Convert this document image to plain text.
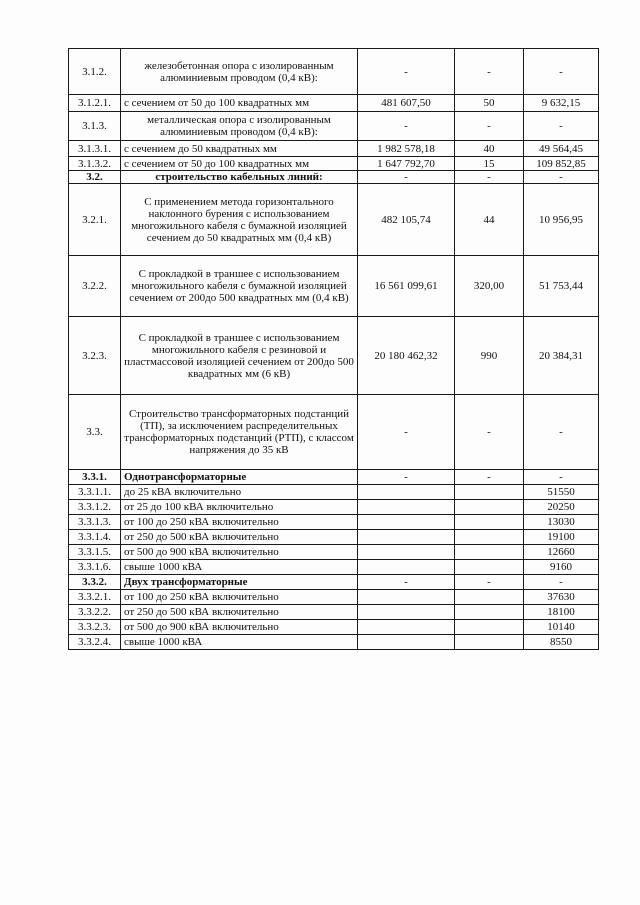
3.1.2.	железобетонная опора с изолированным алюминиевым проводом (0,4 кВ):	-	-	-
3.1.2.1.	с сечением от 50 до 100 квадратных мм	481 607,50	50	9 632,15
3.1.3.	металлическая опора с изолированным алюминиевым проводом (0,4 кВ):	-	-	-
3.1.3.1.	с сечением до 50 квадратных мм	1 982 578,18	40	49 564,45
3.1.3.2.	с сечением от 50 до 100 квадратных мм	1 647 792,70	15	109 852,85
3.2.	строительство кабельных линий:	-	-	-
3.2.1.	С применением метода горизонтального наклонного бурения с использованием многожильного кабеля с бумажной изоляцией сечением до 50 квадратных мм (0,4 кВ)	482 105,74	44	10 956,95
3.2.2.	С прокладкой в траншее с использованием многожильного кабеля с бумажной изоляцией сечением от 200до 500 квадратных мм (0,4 кВ)	16 561 099,61	320,00	51 753,44
3.2.3.	С прокладкой в траншее с использованием многожильного кабеля с резиновой и пластмассовой изоляцией сечением от 200до 500 квадратных мм (6 кВ)	20 180 462,32	990	20 384,31
3.3.	Строительство трансформаторных подстанций (ТП), за исключением распределительных трансформаторных подстанций (РТП), с классом напряжения до 35 кВ	-	-	-
3.3.1.	Однотрансформаторные	-	-	-
3.3.1.1.	до 25 кВА включительно			51550
3.3.1.2.	от 25 до 100 кВА включительно			20250
3.3.1.3.	от 100 до 250 кВА включительно			13030
3.3.1.4.	от 250 до 500 кВА включительно			19100
3.3.1.5.	от 500 до 900 кВА включительно			12660
3.3.1.6.	свыше 1000 кВА			9160
3.3.2.	Двух трансформаторные	-	-	-
3.3.2.1.	от 100 до 250 кВА включительно			37630
3.3.2.2.	от 250 до 500 кВА включительно			18100
3.3.2.3.	от 500 до 900 кВА включительно			10140
3.3.2.4.	свыше 1000 кВА			8550
